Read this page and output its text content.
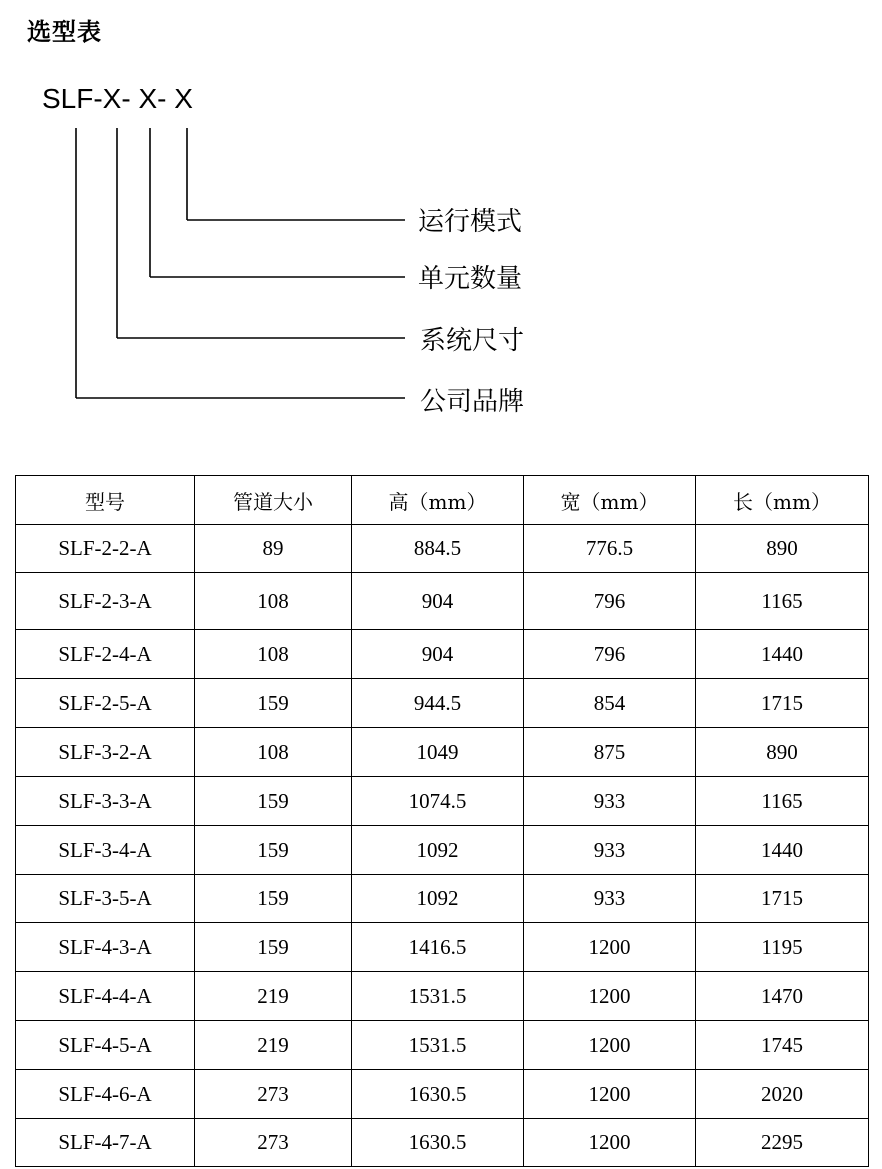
选型表
SLF-X- X- X
运行模式
单元数量
系统尺寸
公司品牌
型号	管道大小	高（mm）	宽（mm）	长（mm）
SLF-2-2-A	89	884.5	776.5	890
SLF-2-3-A	108	904	796	1165
SLF-2-4-A	108	904	796	1440
SLF-2-5-A	159	944.5	854	1715
SLF-3-2-A	108	1049	875	890
SLF-3-3-A	159	1074.5	933	1165
SLF-3-4-A	159	1092	933	1440
SLF-3-5-A	159	1092	933	1715
SLF-4-3-A	159	1416.5	1200	1195
SLF-4-4-A	219	1531.5	1200	1470
SLF-4-5-A	219	1531.5	1200	1745
SLF-4-6-A	273	1630.5	1200	2020
SLF-4-7-A	273	1630.5	1200	2295
